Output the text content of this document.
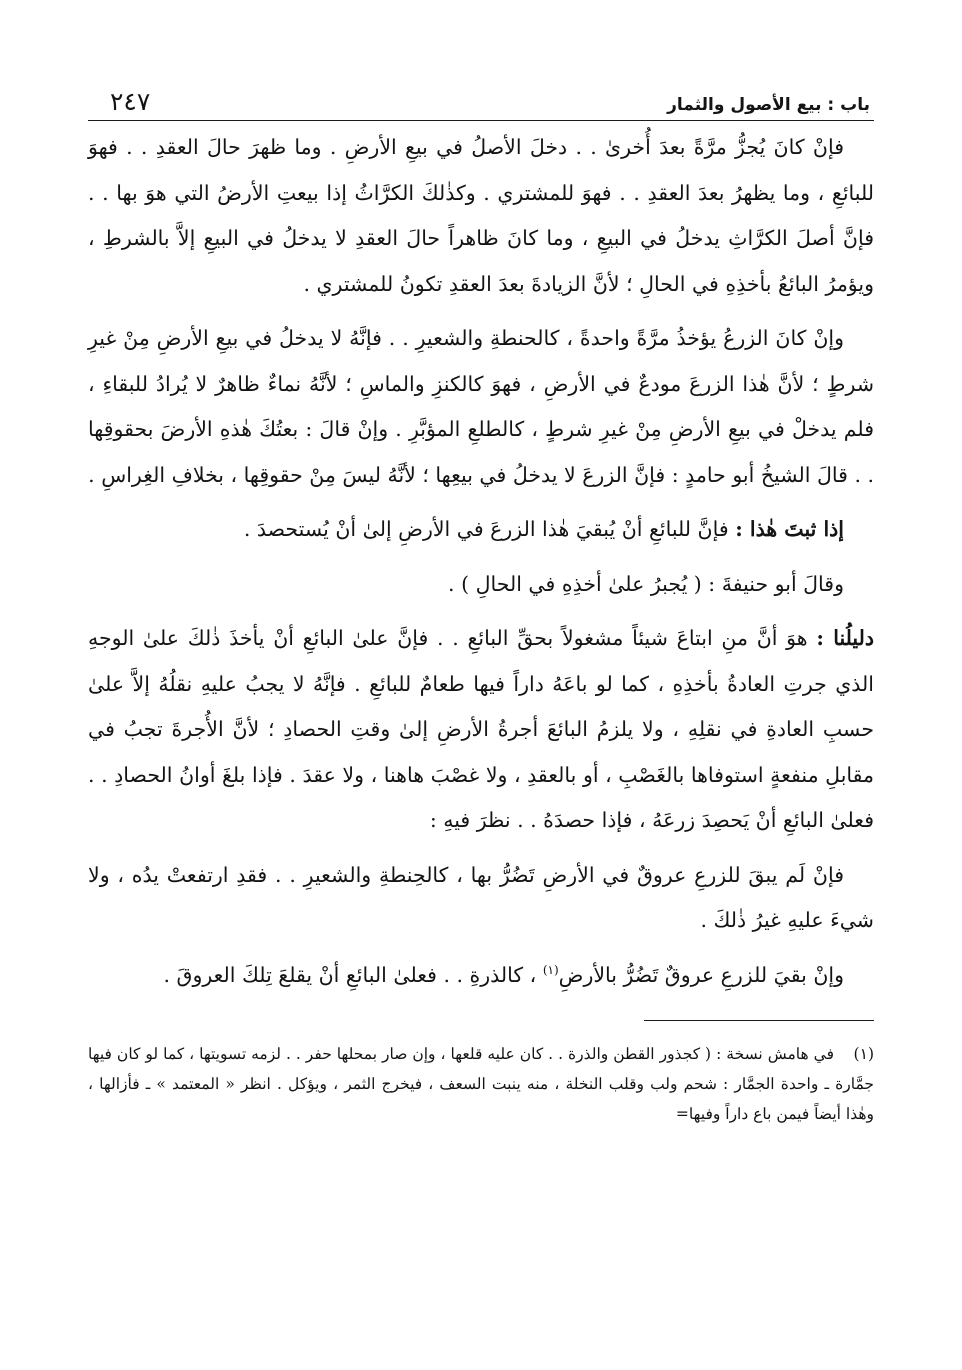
باب : بيع الأصول والثمار
٢٤٧

فإنْ كانَ يُجزُّ مرَّةً بعدَ أُخرىٰ . . دخلَ الأصلُ في بيعِ الأرضِ . وما ظهرَ حالَ العقدِ . . فهوَ للبائعِ ، وما يظهرُ بعدَ العقدِ . . فهوَ للمشتري . وكذٰلكَ الكرَّاثُ إذا بيعتِ الأرضُ التي هوَ بها . . فإنَّ أصلَ الكرَّاثِ يدخلُ في البيعِ ، وما كانَ ظاهراً حالَ العقدِ لا يدخلُ في البيعِ إلاَّ بالشرطِ ، ويؤمرُ البائعُ بأخذِهِ في الحالِ ؛ لأنَّ الزيادةَ بعدَ العقدِ تكونُ للمشتري .

وإنْ كانَ الزرعُ يؤخذُ مرَّةً واحدةً ، كالحنطةِ والشعيرِ . . فإنَّهُ لا يدخلُ في بيعِ الأرضِ مِنْ غيرِ شرطٍ ؛ لأنَّ هٰذا الزرعَ مودعٌ في الأرضِ ، فهوَ كالكنزِ والماسِ ؛ لأنَّهُ نماءٌ ظاهرٌ لا يُرادُ للبقاءِ ، فلم يدخلْ في بيعِ الأرضِ مِنْ غيرِ شرطٍ ، كالطلعِ المؤبَّرِ . وإنْ قالَ : بعتُكَ هٰذهِ الأرضَ بحقوقِها . . قالَ الشيخُ أبو حامدٍ : فإنَّ الزرعَ لا يدخلُ في بيعِها ؛ لأنَّهُ ليسَ مِنْ حقوقِها ، بخلافِ الغِراسِ .

إذا ثبتَ هٰذا : فإنَّ للبائعِ أنْ يُبقيَ هٰذا الزرعَ في الأرضِ إلىٰ أنْ يُستحصدَ .

وقالَ أبو حنيفةَ : ( يُجبرُ علىٰ أخذِهِ في الحالِ ) .

دليلُنا : هوَ أنَّ منِ ابتاعَ شيئاً مشغولاً بحقِّ البائعِ . . فإنَّ علىٰ البائعِ أنْ يأخذَ ذٰلكَ علىٰ الوجهِ الذي جرتِ العادةُ بأخذِهِ ، كما لو باعَهُ داراً فيها طعامٌ للبائعِ . فإنَّهُ لا يجبُ عليهِ نقلُهُ إلاَّ علىٰ حسبِ العادةِ في نقلِهِ ، ولا يلزمُ البائعَ أجرةُ الأرضِ إلىٰ وقتِ الحصادِ ؛ لأنَّ الأُجرةَ تجبُ في مقابلِ منفعةٍ استوفاها بالغَصْبِ ، أو بالعقدِ ، ولا غصْبَ هاهنا ، ولا عقدَ . فإذا بلغَ أوانُ الحصادِ . . فعلىٰ البائعِ أنْ يَحصِدَ زرعَهُ ، فإذا حصدَهُ . . نظرَ فيهِ :

فإنْ لَم يبقَ للزرعِ عروقٌ في الأرضِ تَضُرُّ بها ، كالحِنطةِ والشعيرِ . . فقدِ ارتفعتْ يدُه ، ولا شيءَ عليهِ غيرُ ذٰلكَ .

وإنْ بقيَ للزرعِ عروقٌ تَضُرُّ بالأرضِ$^{(١)}$ ، كالذرةِ . . فعلىٰ البائعِ أنْ يقلعَ تِلكَ العروقَ .

(١)في هامش نسخة : ( كجذور القطن والذرة . . كان عليه قلعها ، وإن صار بمحلها حفر . . لزمه تسويتها ، كما لو كان فيها جمَّارة ـ واحدة الجمَّار : شحم ولب وقلب النخلة ، منه ينبت السعف ، فيخرج الثمر ، ويؤكل . انظر « المعتمد » ـ فأزالها ، وهٰذا أيضاً فيمن باع داراً وفيها=
